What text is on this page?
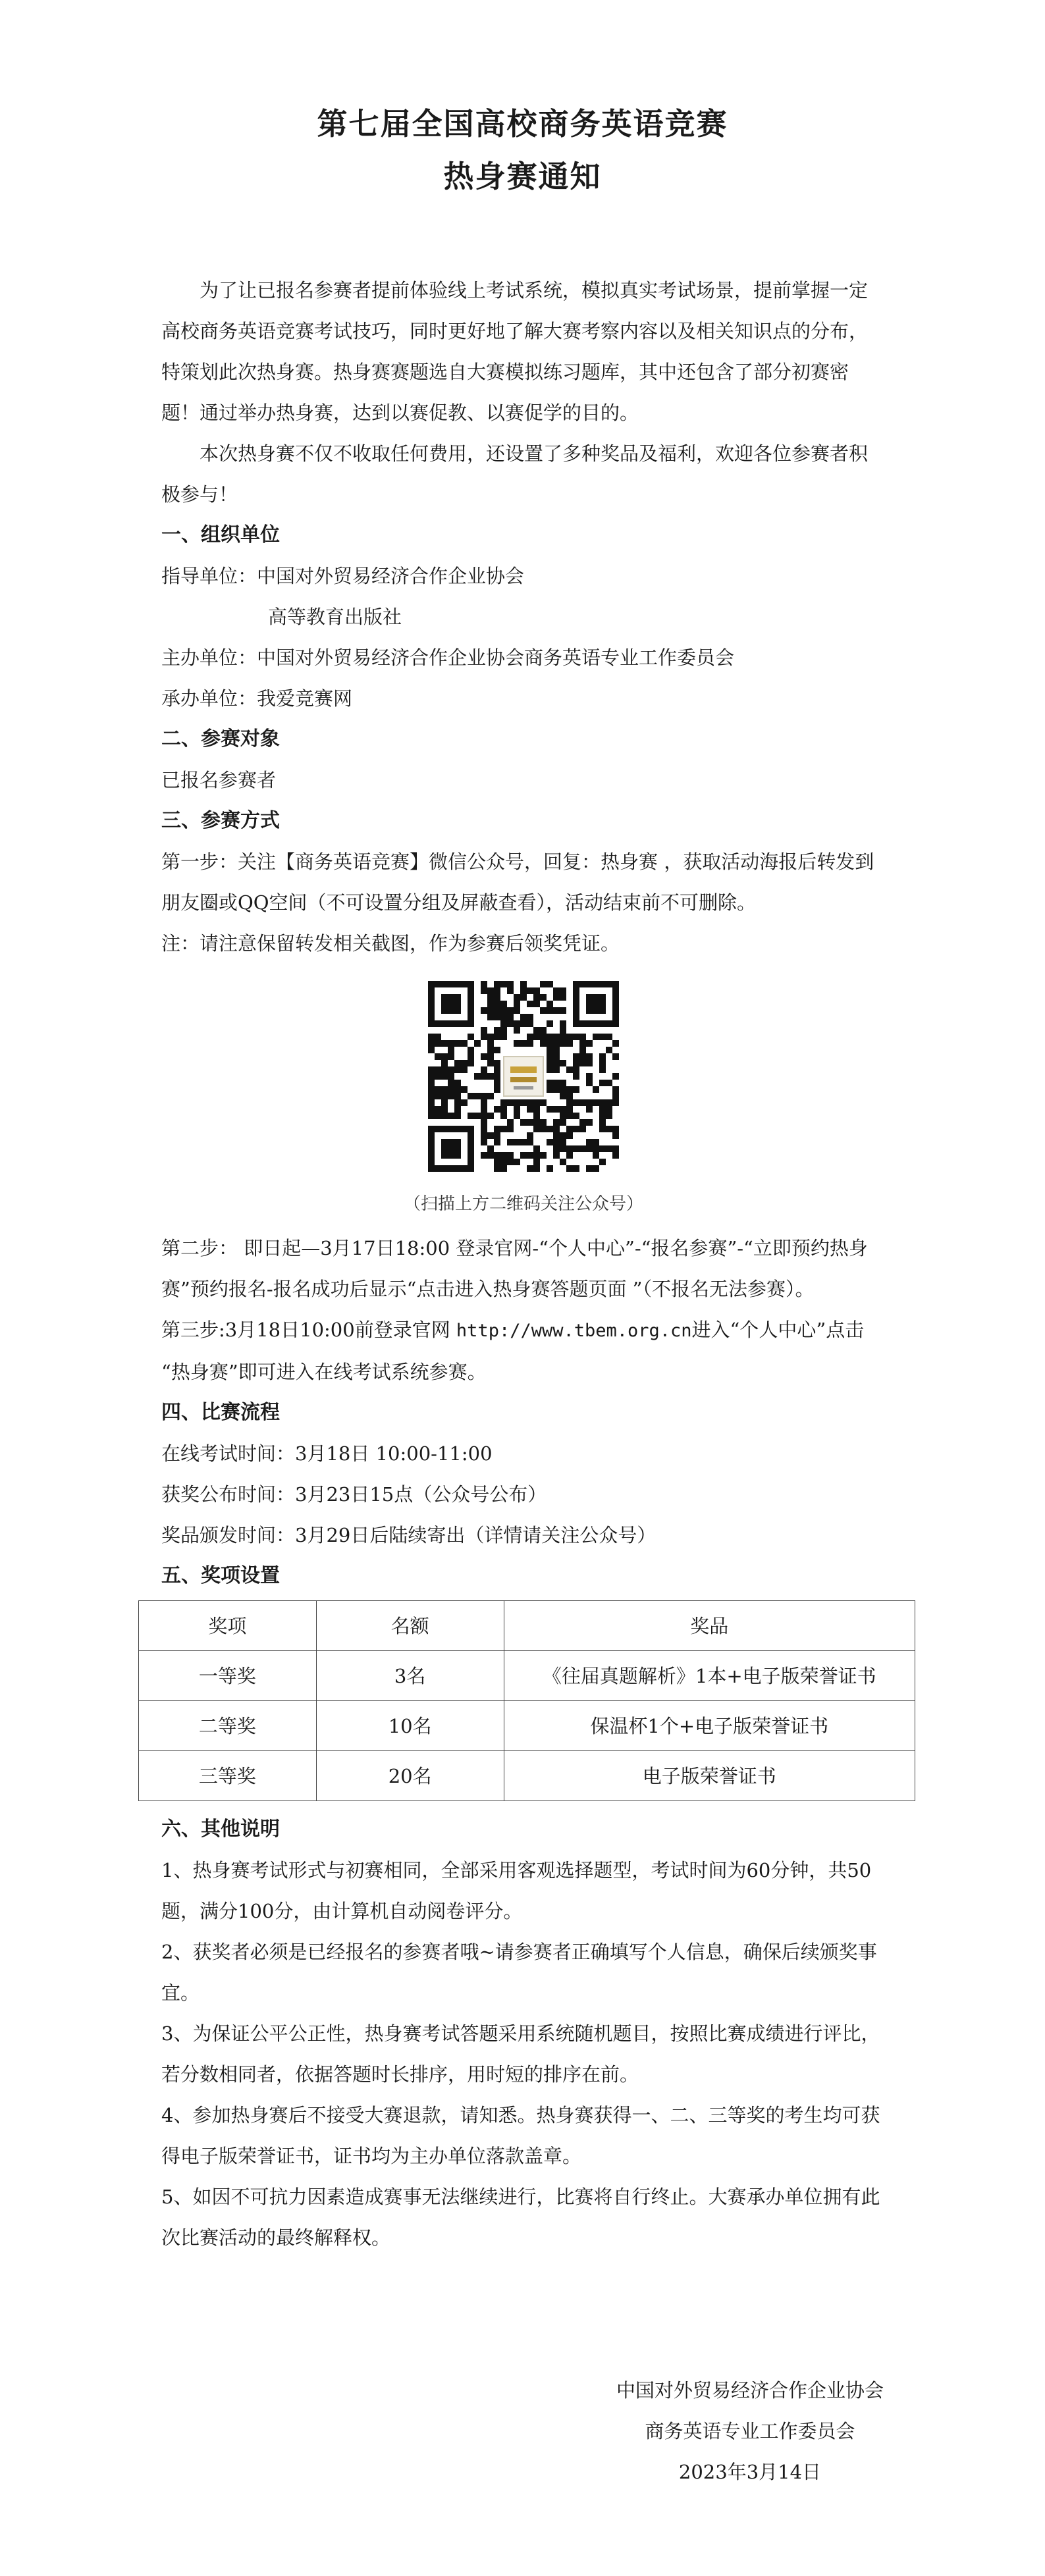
第七届全国高校商务英语竞赛
热身赛通知

为了让已报名参赛者提前体验线上考试系统，模拟真实考试场景，提前掌握一定高校商务英语竞赛考试技巧，同时更好地了解大赛考察内容以及相关知识点的分布，特策划此次热身赛。热身赛赛题选自大赛模拟练习题库，其中还包含了部分初赛密题！通过举办热身赛，达到以赛促教、以赛促学的目的。

本次热身赛不仅不收取任何费用，还设置了多种奖品及福利，欢迎各位参赛者积极参与！

一、组织单位

指导单位：中国对外贸易经济合作企业协会

高等教育出版社

主办单位：中国对外贸易经济合作企业协会商务英语专业工作委员会

承办单位：我爱竞赛网

二、参赛对象

已报名参赛者

三、参赛方式

第一步：关注【商务英语竞赛】微信公众号，回复：热身赛 ，获取活动海报后转发到朋友圈或QQ空间（不可设置分组及屏蔽查看），活动结束前不可删除。

注：请注意保留转发相关截图，作为参赛后领奖凭证。

（扫描上方二维码关注公众号）

第二步： 即日起—3月17日18:00 登录官网-“个人中心”-“报名参赛”-“立即预约热身赛”预约报名-报名成功后显示“点击进入热身赛答题页面 ”（不报名无法参赛）。

第三步:3月18日10:00前登录官网 http://www.tbem.org.cn进入“个人中心”点击 “热身赛”即可进入在线考试系统参赛。

四、比赛流程

在线考试时间：3月18日 10:00-11:00

获奖公布时间：3月23日15点（公众号公布）

奖品颁发时间：3月29日后陆续寄出（详情请关注公众号）

五、奖项设置

奖项	名额	奖品
一等奖	3名	《往届真题解析》1本+电子版荣誉证书
二等奖	10名	保温杯1个+电子版荣誉证书
三等奖	20名	电子版荣誉证书

六、其他说明

1、热身赛考试形式与初赛相同，全部采用客观选择题型，考试时间为60分钟，共50题，满分100分，由计算机自动阅卷评分。

2、获奖者必须是已经报名的参赛者哦~请参赛者正确填写个人信息，确保后续颁奖事宜。

3、为保证公平公正性，热身赛考试答题采用系统随机题目，按照比赛成绩进行评比，若分数相同者，依据答题时长排序，用时短的排序在前。

4、参加热身赛后不接受大赛退款，请知悉。热身赛获得一、二、三等奖的考生均可获得电子版荣誉证书，证书均为主办单位落款盖章。

5、如因不可抗力因素造成赛事无法继续进行，比赛将自行终止。大赛承办单位拥有此次比赛活动的最终解释权。

中国对外贸易经济合作企业协会
商务英语专业工作委员会
2023年3月14日
